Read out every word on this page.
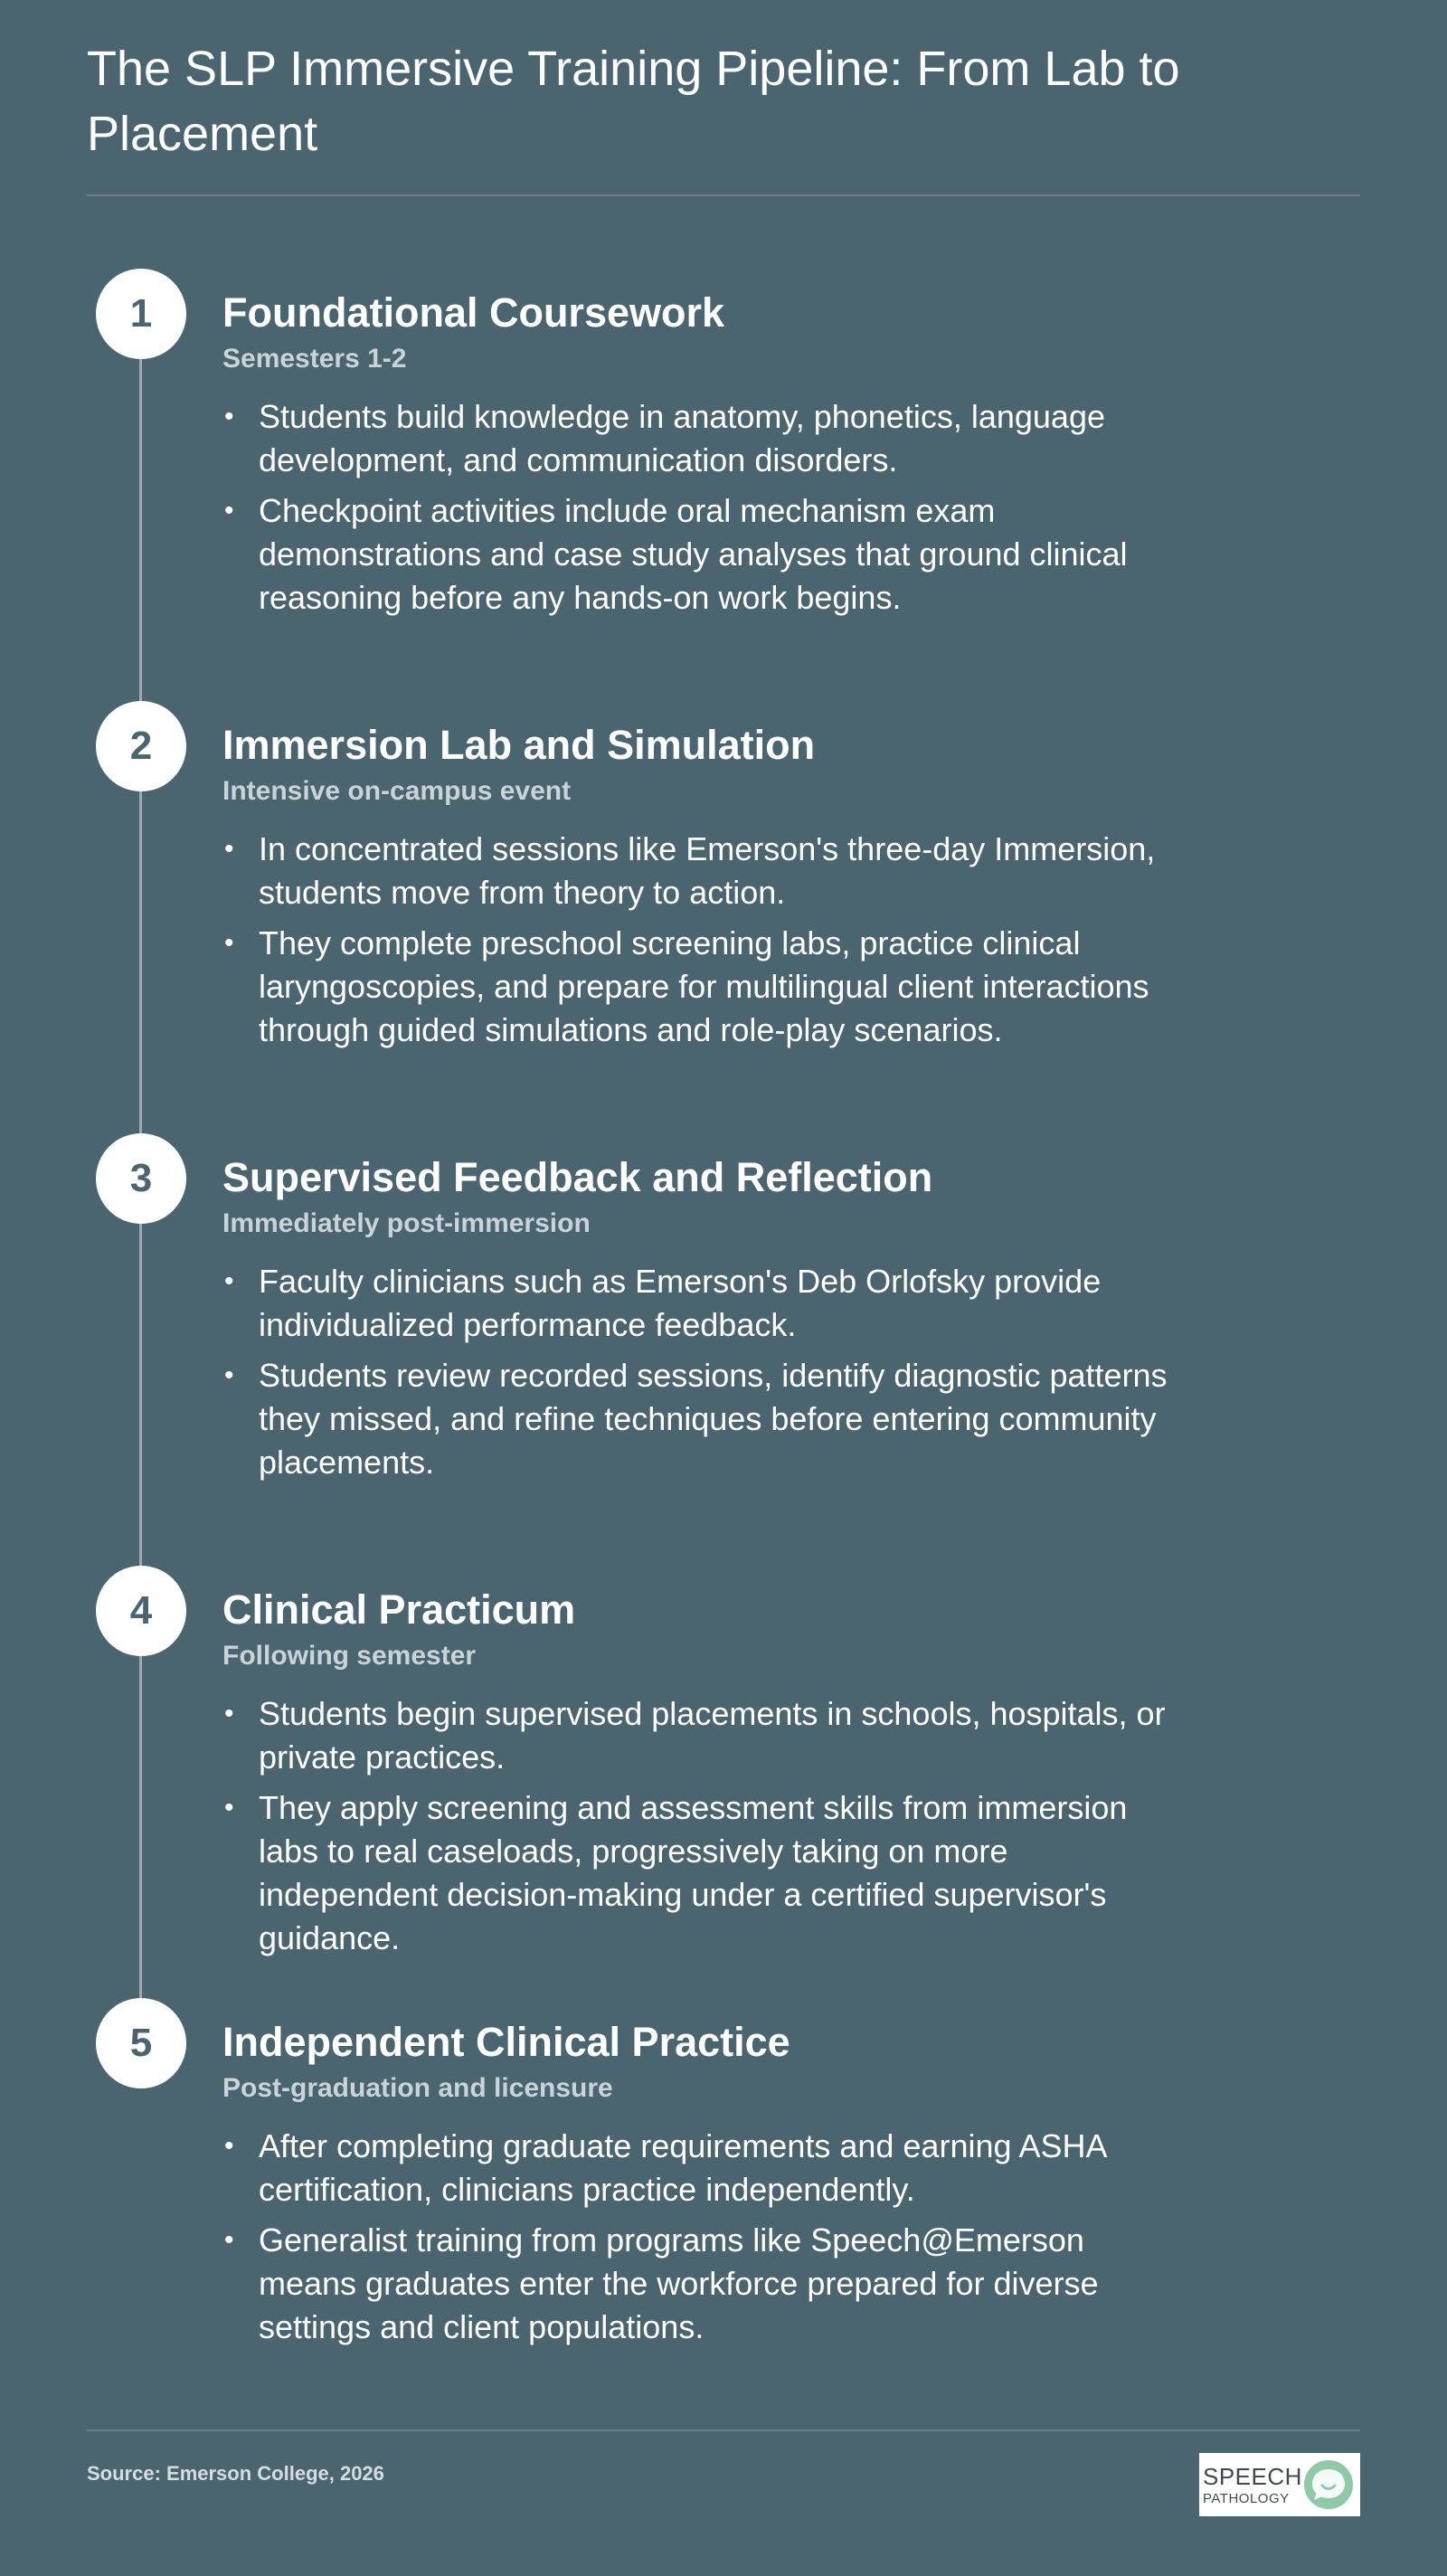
The SLP Immersive Training Pipeline: From Lab to Placement
1	Foundational Coursework
Semesters 1-2
• Students build knowledge in anatomy, phonetics, language development, and communication disorders.
• Checkpoint activities include oral mechanism exam demonstrations and case study analyses that ground clinical reasoning before any hands-on work begins.
2	Immersion Lab and Simulation
Intensive on-campus event
• In concentrated sessions like Emerson's three-day Immersion, students move from theory to action.
• They complete preschool screening labs, practice clinical laryngoscopies, and prepare for multilingual client interactions through guided simulations and role-play scenarios.
3	Supervised Feedback and Reflection
Immediately post-immersion
• Faculty clinicians such as Emerson's Deb Orlofsky provide individualized performance feedback.
• Students review recorded sessions, identify diagnostic patterns they missed, and refine techniques before entering community placements.
4	Clinical Practicum
Following semester
• Students begin supervised placements in schools, hospitals, or private practices.
• They apply screening and assessment skills from immersion labs to real caseloads, progressively taking on more independent decision-making under a certified supervisor's guidance.
5	Independent Clinical Practice
Post-graduation and licensure
• After completing graduate requirements and earning ASHA certification, clinicians practice independently.
• Generalist training from programs like Speech@Emerson means graduates enter the workforce prepared for diverse settings and client populations.
Source: Emerson College, 2026	SPEECH
PATHOLOGY
